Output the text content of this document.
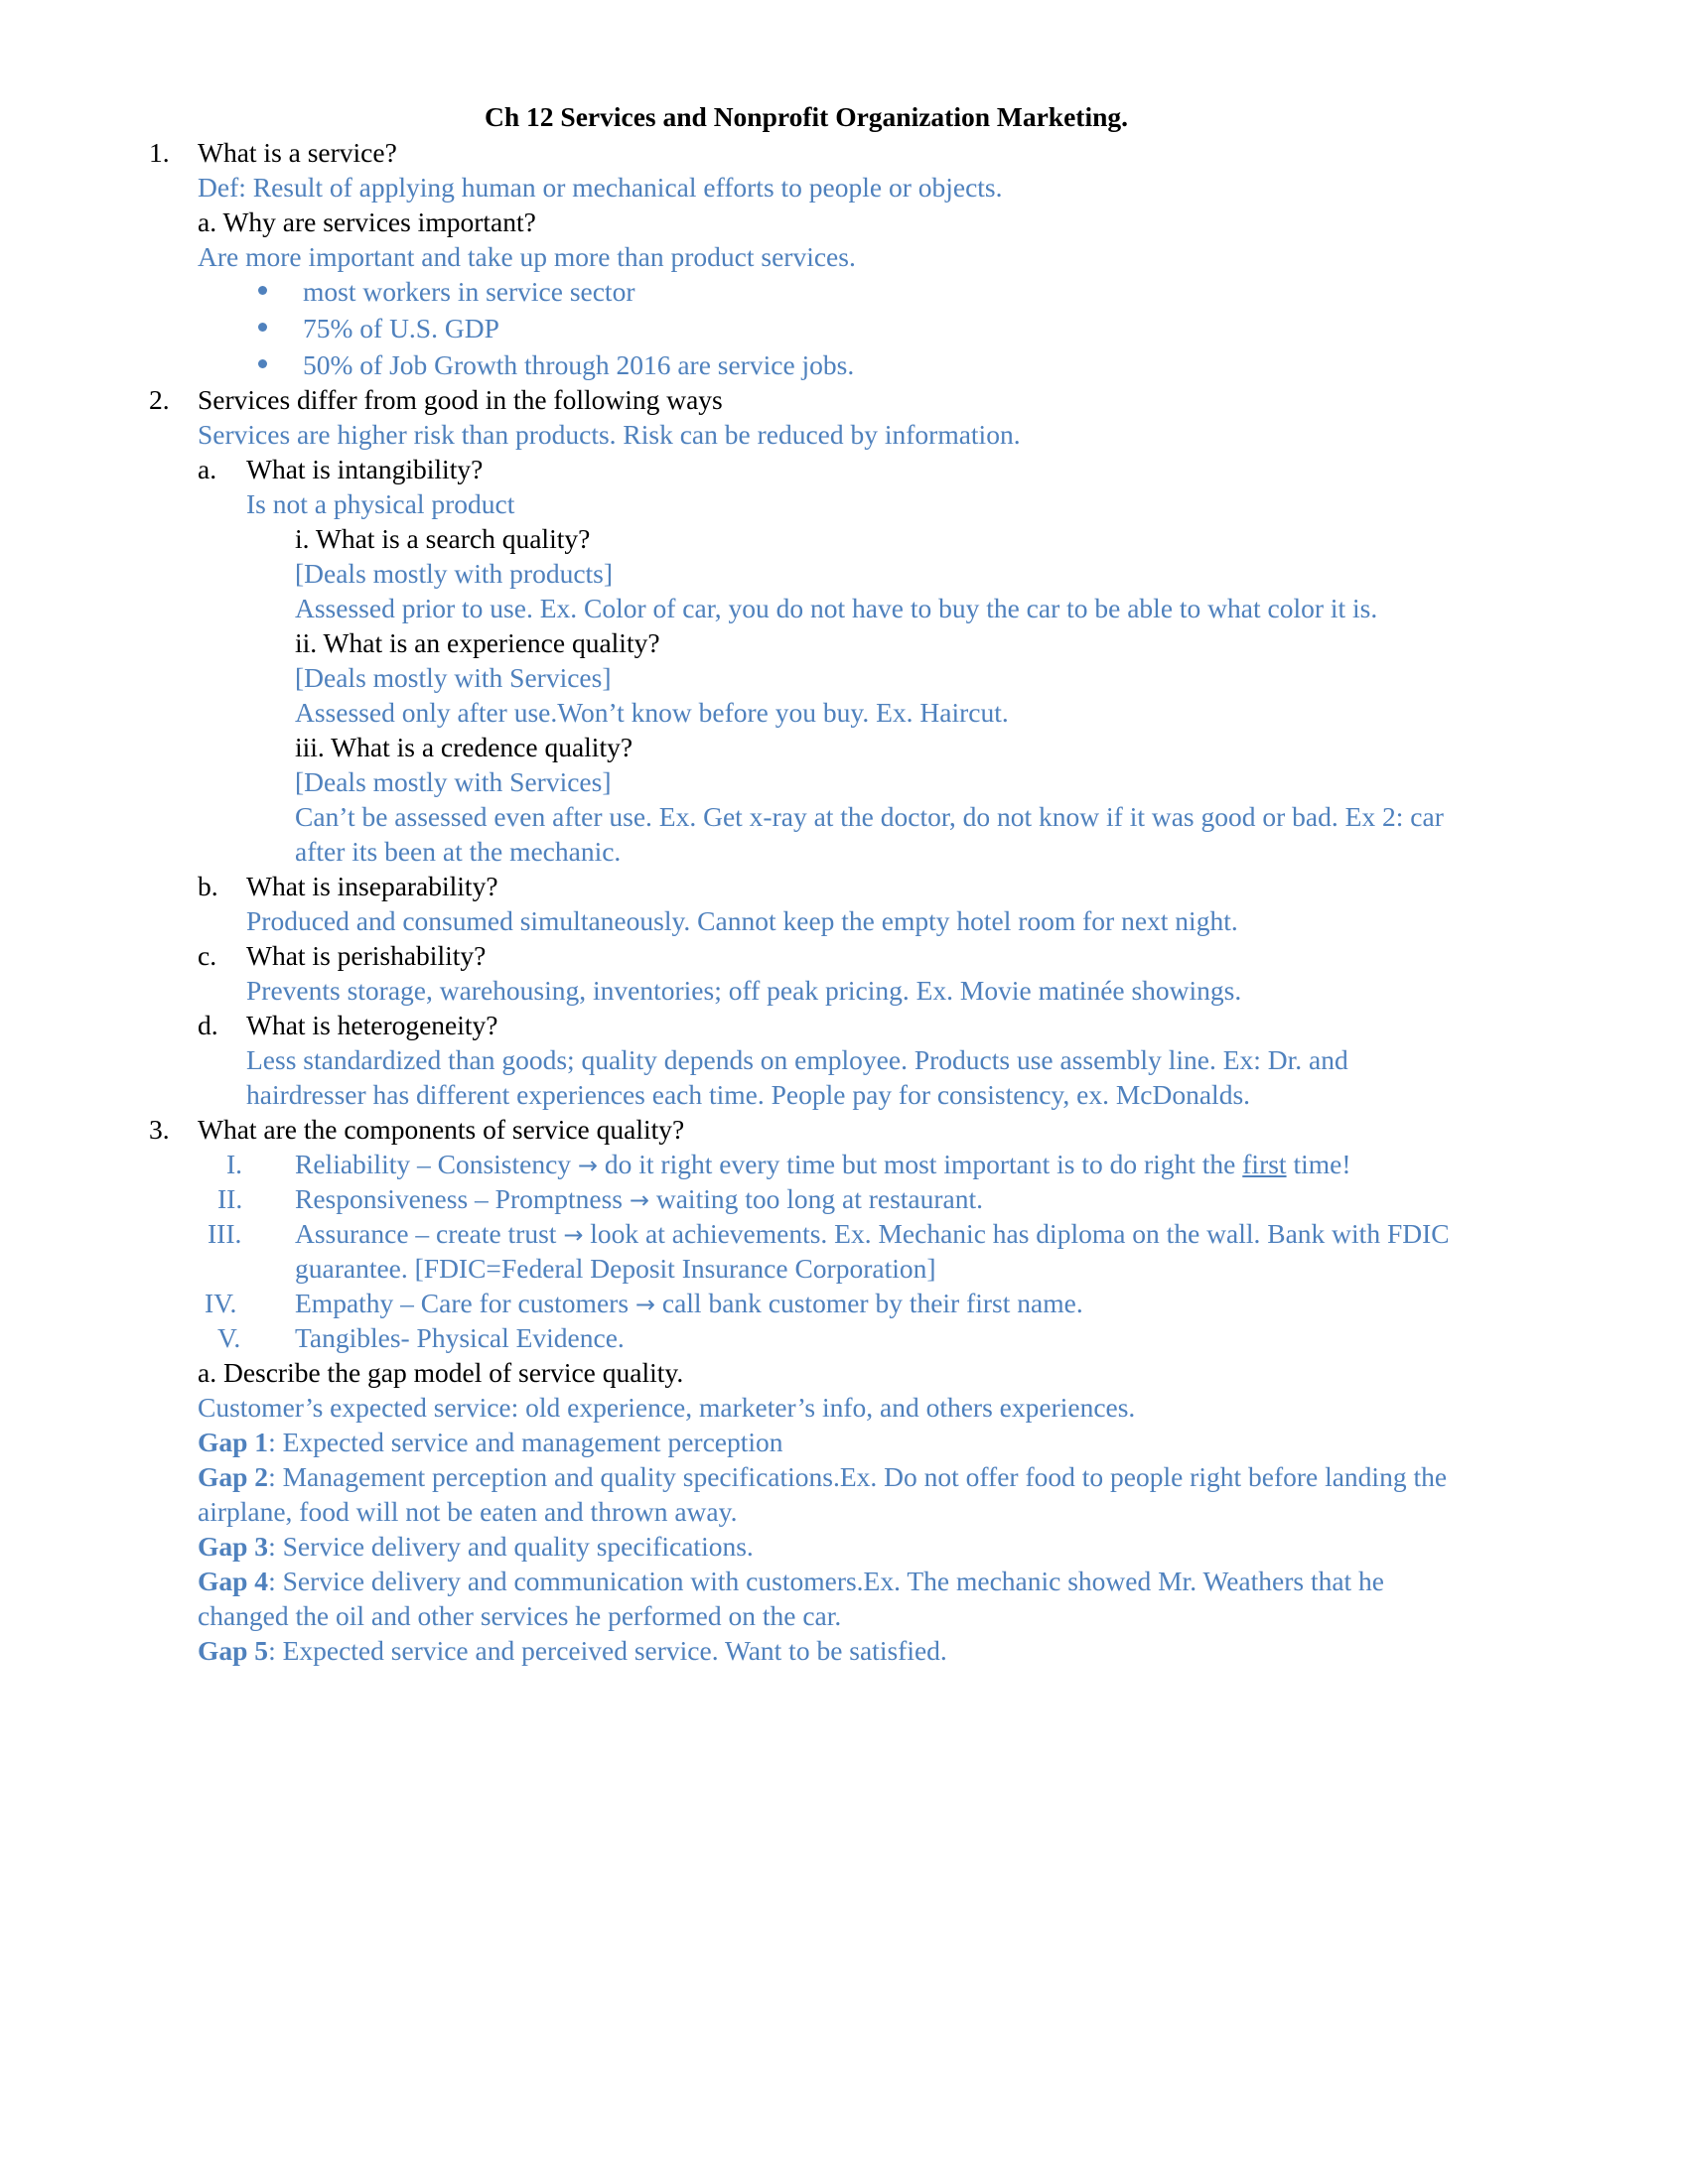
Ch 12 Services and Nonprofit Organization Marketing.
1. What is a service?
Def: Result of applying human or mechanical efforts to people or objects.
a. Why are services important?
Are more important and take up more than product services.
most workers in service sector
75% of U.S. GDP
50% of Job Growth through 2016 are service jobs.
2. Services differ from good in the following ways
Services are higher risk than products. Risk can be reduced by information.
a. What is intangibility?
Is not a physical product
i. What is a search quality?
[Deals mostly with products]
Assessed prior to use. Ex. Color of car, you do not have to buy the car to be able to what color it is.
ii. What is an experience quality?
[Deals mostly with Services]
Assessed only after use.Won’t know before you buy. Ex. Haircut.
iii. What is a credence quality?
[Deals mostly with Services]
Can’t be assessed even after use. Ex. Get x-ray at the doctor, do not know if it was good or bad. Ex 2: car
after its been at the mechanic.
b. What is inseparability?
Produced and consumed simultaneously. Cannot keep the empty hotel room for next night.
c. What is perishability?
Prevents storage, warehousing, inventories; off peak pricing. Ex. Movie matinée showings.
d. What is heterogeneity?
Less standardized than goods; quality depends on employee. Products use assembly line. Ex: Dr. and
hairdresser has different experiences each time. People pay for consistency, ex. McDonalds.
3. What are the components of service quality?
I. Reliability – Consistency → do it right every time but most important is to do right the first time!
II. Responsiveness – Promptness → waiting too long at restaurant.
III. Assurance – create trust → look at achievements. Ex. Mechanic has diploma on the wall. Bank with FDIC
guarantee. [FDIC=Federal Deposit Insurance Corporation]
IV. Empathy – Care for customers → call bank customer by their first name.
V. Tangibles- Physical Evidence.
a. Describe the gap model of service quality.
Customer’s expected service: old experience, marketer’s info, and others experiences.
Gap 1: Expected service and management perception
Gap 2: Management perception and quality specifications.Ex. Do not offer food to people right before landing the
airplane, food will not be eaten and thrown away.
Gap 3: Service delivery and quality specifications.
Gap 4: Service delivery and communication with customers.Ex. The mechanic showed Mr. Weathers that he
changed the oil and other services he performed on the car.
Gap 5: Expected service and perceived service. Want to be satisfied.
